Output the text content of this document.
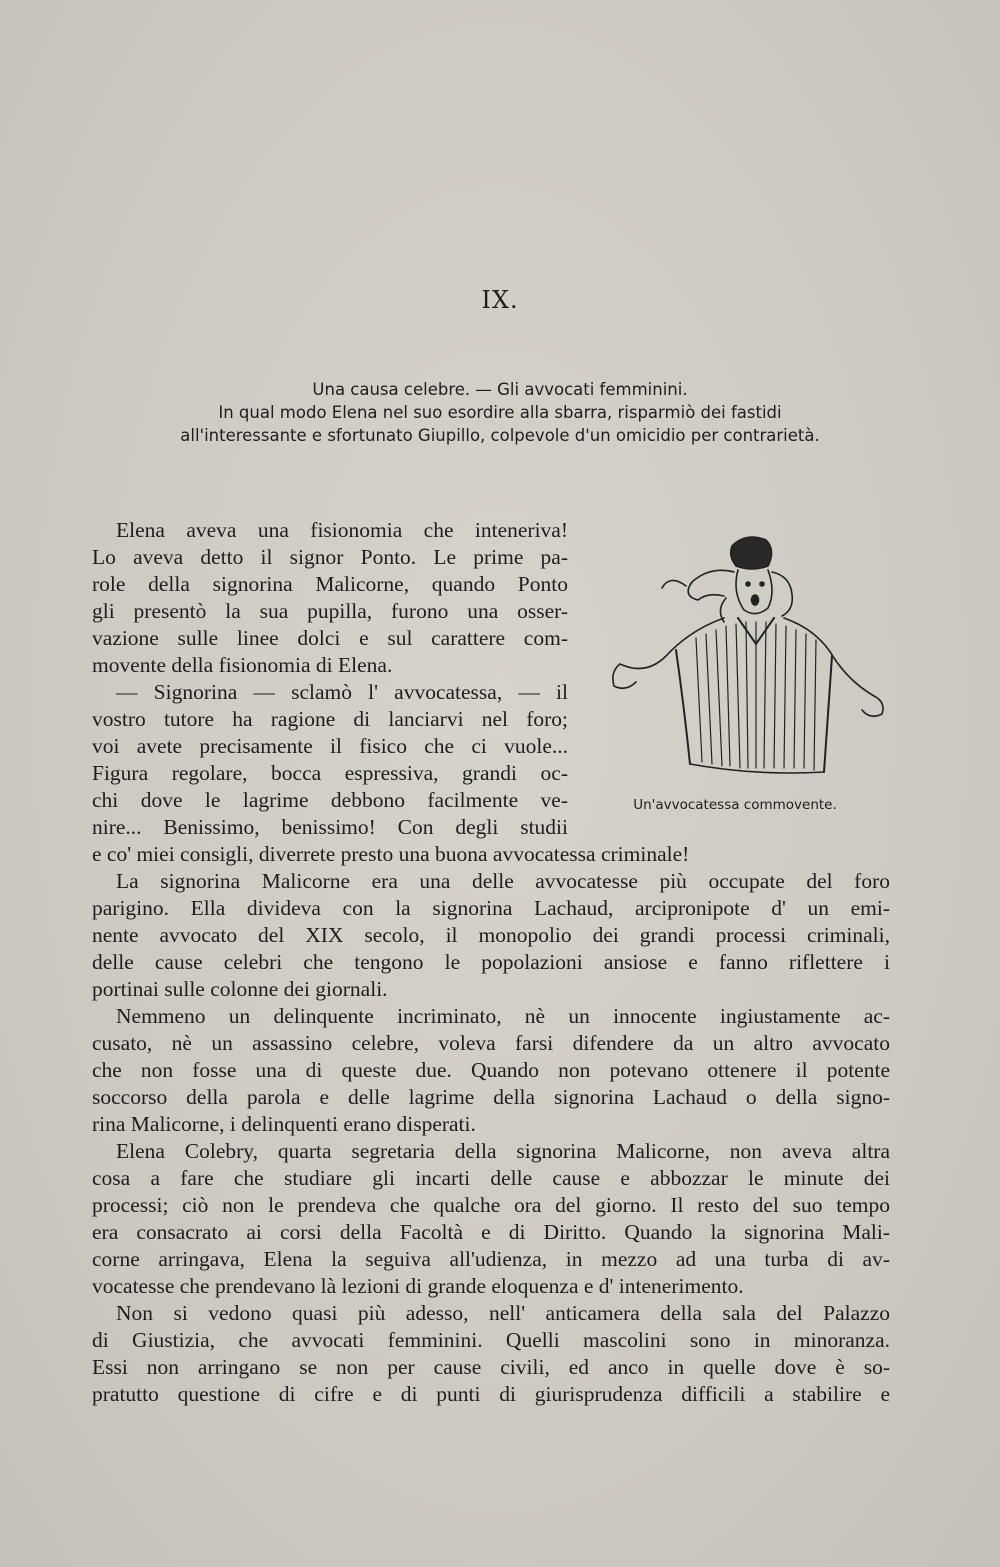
IX.
Una causa celebre. — Gli avvocati femminini.
In qual modo Elena nel suo esordire alla sbarra, risparmiò dei fastidi
all'interessante e sfortunato Giupillo, colpevole d'un omicidio per contrarietà.
Un'avvocatessa commovente.
Elena aveva una fisionomia che inteneriva!
Lo aveva detto il signor Ponto. Le prime pa-
role della signorina Malicorne, quando Ponto
gli presentò la sua pupilla, furono una osser-
vazione sulle linee dolci e sul carattere com-
movente della fisionomia di Elena.
— Signorina — sclamò l' avvocatessa, — il
vostro tutore ha ragione di lanciarvi nel foro;
voi avete precisamente il fisico che ci vuole...
Figura regolare, bocca espressiva, grandi oc-
chi dove le lagrime debbono facilmente ve-
nire... Benissimo, benissimo! Con degli studii
e co' miei consigli, diverrete presto una buona avvocatessa criminale!
La signorina Malicorne era una delle avvocatesse più occupate del foro
parigino. Ella divideva con la signorina Lachaud, arcipronipote d' un emi-
nente avvocato del XIX secolo, il monopolio dei grandi processi criminali,
delle cause celebri che tengono le popolazioni ansiose e fanno riflettere i
portinai sulle colonne dei giornali.
Nemmeno un delinquente incriminato, nè un innocente ingiustamente ac-
cusato, nè un assassino celebre, voleva farsi difendere da un altro avvocato
che non fosse una di queste due. Quando non potevano ottenere il potente
soccorso della parola e delle lagrime della signorina Lachaud o della signo-
rina Malicorne, i delinquenti erano disperati.
Elena Colebry, quarta segretaria della signorina Malicorne, non aveva altra
cosa a fare che studiare gli incarti delle cause e abbozzar le minute dei
processi; ciò non le prendeva che qualche ora del giorno. Il resto del suo tempo
era consacrato ai corsi della Facoltà e di Diritto. Quando la signorina Mali-
corne arringava, Elena la seguiva all'udienza, in mezzo ad una turba di av-
vocatesse che prendevano là lezioni di grande eloquenza e d' intenerimento.
Non si vedono quasi più adesso, nell' anticamera della sala del Palazzo
di Giustizia, che avvocati femminini. Quelli mascolini sono in minoranza.
Essi non arringano se non per cause civili, ed anco in quelle dove è so-
pratutto questione di cifre e di punti di giurisprudenza difficili a stabilire e
